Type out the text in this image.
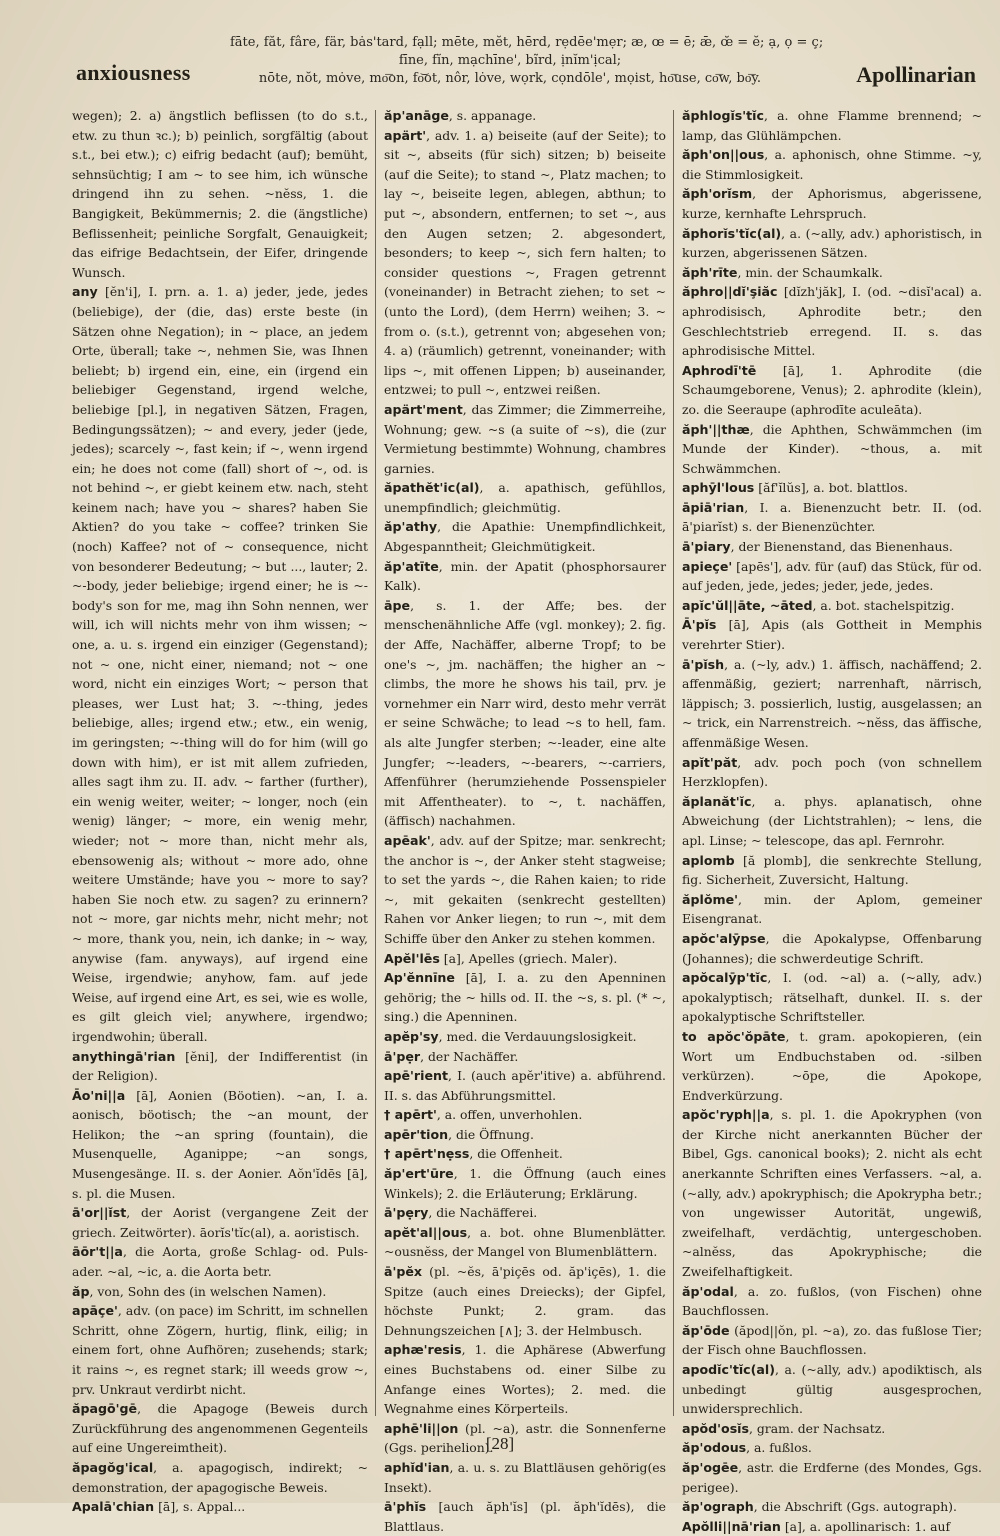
anxiousness
fāte, făt, fâre, fär, bȧs'tard, fạll; mēte, mĕt, hērd, rẹdēe'mẹr; æ, œ = ē; ǣ, œ̆ = ĕ; ạ, ọ = ç;
fīne, fĭn, mạchīne', bĩrd, ịnĭm'ịcal;
nōte, nŏt, mȯve, mo͞on, fo͝ot, nôr, lȯve, wọrk, cọndōle', mọist, ho͞use, co͞w, bo͞y.	Apollinarian

wegen); 2. a) ängstlich beflissen (to do s.t., etw. zu thun ꝛc.); b) peinlich, sorgfältig (about s.t., bei etw.); c) eifrig bedacht (auf); bemüht, sehnsüchtig; I am ~ to see him, ich wünsche dringend ihn zu sehen. ~nĕss, 1. die Bangigkeit, Bekümmernis; 2. die (ängstliche) Beflissenheit; peinliche Sorgfalt, Genauigkeit; das eifrige Bedachtsein, der Eifer, dringende Wunsch.

any [ĕn'i], I. prn. a. 1. a) jeder, jede, jedes (beliebige), der (die, das) erste beste (in Sätzen ohne Negation); in ~ place, an jedem Orte, überall; take ~, nehmen Sie, was Ihnen beliebt; b) irgend ein, eine, ein (irgend ein beliebiger Gegenstand, irgend welche, beliebige [pl.], in negativen Sätzen, Fragen, Bedingungssätzen); ~ and every, jeder (jede, jedes); scarcely ~, fast kein; if ~, wenn irgend ein; he does not come (fall) short of ~, od. is not behind ~, er giebt keinem etw. nach, steht keinem nach; have you ~ shares? haben Sie Aktien? do you take ~ coffee? trinken Sie (noch) Kaffee? not of ~ consequence, nicht von besonderer Bedeutung; ~ but ..., lauter; 2. ~-body, jeder beliebige; irgend einer; he is ~-body's son for me, mag ihn Sohn nennen, wer will, ich will nichts mehr von ihm wissen; ~ one, a. u. s. irgend ein einziger (Gegenstand); not ~ one, nicht einer, niemand; not ~ one word, nicht ein einziges Wort; ~ person that pleases, wer Lust hat; 3. ~-thing, jedes beliebige, alles; irgend etw.; etw., ein wenig, im geringsten; ~-thing will do for him (will go down with him), er ist mit allem zufrieden, alles sagt ihm zu. II. adv. ~ farther (further), ein wenig weiter, weiter; ~ longer, noch (ein wenig) länger; ~ more, ein wenig mehr, wieder; not ~ more than, nicht mehr als, ebensowenig als; without ~ more ado, ohne weitere Umstände; have you ~ more to say? haben Sie noch etw. zu sagen? zu erinnern? not ~ more, gar nichts mehr, nicht mehr; not ~ more, thank you, nein, ich danke; in ~ way, anywise (fam. anyways), auf irgend eine Weise, irgendwie; anyhow, fam. auf jede Weise, auf irgend eine Art, es sei, wie es wolle, es gilt gleich viel; anywhere, irgendwo; irgendwohin; überall.

anythingā'rian [ĕni], der Indifferentist (in der Religion).

Āo'ni||a [ā], Aonien (Böotien). ~an, I. a. aonisch, böotisch; the ~an mount, der Helikon; the ~an spring (fountain), die Musenquelle, Aganippe; ~an songs, Musengesänge. II. s. der Aonier. Aŏn'ĭdēs [ā], s. pl. die Musen.

ā'or||ĭst, der Aorist (vergangene Zeit der griech. Zeitwörter). āorĭs'tĭc(al), a. aoristisch.

āōr't||a, die Aorta, große Schlag- od. Puls-ader. ~al, ~ic, a. die Aorta betr.

ăp, von, Sohn des (in welschen Namen).

apāçe', adv. (on pace) im Schritt, im schnellen Schritt, ohne Zögern, hurtig, flink, eilig; in einem fort, ohne Aufhören; zusehends; stark; it rains ~, es regnet stark; ill weeds grow ~, prv. Unkraut verdirbt nicht.

ăpagō'gē, die Apagoge (Beweis durch Zurückführung des angenommenen Gegenteils auf eine Ungereimtheit).

ăpagŏg'ical, a. apagogisch, indirekt; ~ demonstration, der apagogische Beweis.

Apalā'chian [ā], s. Appal...

ăp'anāge, s. appanage.

apärt', adv. 1. a) beiseite (auf der Seite); to sit ~, abseits (für sich) sitzen; b) beiseite (auf die Seite); to stand ~, Platz machen; to lay ~, beiseite legen, ablegen, abthun; to put ~, absondern, entfernen; to set ~, aus den Augen setzen; 2. abgesondert, besonders; to keep ~, sich fern halten; to consider questions ~, Fragen getrennt (voneinander) in Betracht ziehen; to set ~ (unto the Lord), (dem Herrn) weihen; 3. ~ from o. (s.t.), getrennt von; abgesehen von; 4. a) (räumlich) getrennt, voneinander; with lips ~, mit offenen Lippen; b) auseinander, entzwei; to pull ~, entzwei reißen.

apärt'ment, das Zimmer; die Zimmerreihe, Wohnung; gew. ~s (a suite of ~s), die (zur Vermietung bestimmte) Wohnung, chambres garnies.

ăpathĕt'ic(al), a. apathisch, gefühllos, unempfindlich; gleichmütig.

ăp'athy, die Apathie: Unempfindlichkeit, Abgespanntheit; Gleichmütigkeit.

ăp'atīte, min. der Apatit (phosphorsaurer Kalk).

āpe, s. 1. der Affe; bes. der menschenähnliche Affe (vgl. monkey); 2. fig. der Affe, Nachäffer, alberne Tropf; to be one's ~, jm. nachäffen; the higher an ~ climbs, the more he shows his tail, prv. je vornehmer ein Narr wird, desto mehr verrät er seine Schwäche; to lead ~s to hell, fam. als alte Jungfer sterben; ~-leader, eine alte Jungfer; ~-leaders, ~-bearers, ~-carriers, Affenführer (herumziehende Possenspieler mit Affentheater). to ~, t. nachäffen, (äffisch) nachahmen.

apēak', adv. auf der Spitze; mar. senkrecht; the anchor is ~, der Anker steht stagweise; to set the yards ~, die Rahen kaien; to ride ~, mit gekaiten (senkrecht gestellten) Rahen vor Anker liegen; to run ~, mit dem Schiffe über den Anker zu stehen kommen.

Apĕl'lēs [a], Apelles (griech. Maler).

Ap'ĕnnīne [ā], I. a. zu den Apenninen gehörig; the ~ hills od. II. the ~s, s. pl. (* ~, sing.) die Apenninen.

apĕp'sy, med. die Verdauungslosigkeit.

ā'pẹr, der Nachäffer.

apē'rient, I. (auch apĕr'itive) a. abführend. II. s. das Abführungsmittel.

† apērt', a. offen, unverhohlen.

apēr'tion, die Öffnung.

† apērt'nẹss, die Offenheit.

ăp'ert'ūre, 1. die Öffnung (auch eines Winkels); 2. die Erläuterung; Erklärung.

ā'pẹry, die Nachäfferei.

apĕt'al||ous, a. bot. ohne Blumenblätter. ~ousnĕss, der Mangel von Blumenblättern.

ā'pĕx (pl. ~ĕs, ā'piçēs od. ăp'içēs), 1. die Spitze (auch eines Dreiecks); der Gipfel, höchste Punkt; 2. gram. das Dehnungszeichen [∧]; 3. der Helmbusch.

aphæ'resis, 1. die Aphäresе (Abwerfung eines Buchstabens od. einer Silbe zu Anfange eines Wortes); 2. med. die Wegnahme eines Körperteils.

aphē'li||on (pl. ~a), astr. die Sonnenferne (Ggs. perihelion).

aphĭd'ian, a. u. s. zu Blattläusen gehörig(es Insekt).

ā'phĭs [auch ăph'ĭs] (pl. ăph'ĭdēs), die Blattlaus.

ăphlogĭs'tĭc, a. ohne Flamme brennend; ~ lamp, das Glühlämpchen.

ăph'on||ous, a. aphonisch, ohne Stimme. ~y, die Stimmlosigkeit.

ăph'orĭsm, der Aphorismus, abgerissene, kurze, kernhafte Lehrspruch.

ăphorĭs'tĭc(al), a. (~ally, adv.) aphoristisch, in kurzen, abgerissenen Sätzen.

ăph'rīte, min. der Schaumkalk.

ăphro||dĭ'şiăc [dĭzh'jăk], I. (od. ~disĭ'acal) a. aphrodisisch, Aphrodite betr.; den Geschlechtstrieb erregend. II. s. das aphrodisische Mittel.

Aphrodī'tē [ā], 1. Aphrodite (die Schaumgeborene, Venus); 2. aphrodite (klein), zo. die Seeraupe (aphrodīte aculeāta).

ăph'||thæ, die Aphthen, Schwämmchen (im Munde der Kinder). ~thous, a. mit Schwämmchen.

aphȳl'lous [ăf'ĭlŭs], a. bot. blattlos.

āpiā'rian, I. a. Bienenzucht betr. II. (od. ā'piarĭst) s. der Bienenzüchter.

ā'piary, der Bienenstand, das Bienenhaus.

apieçe' [apēs'], adv. für (auf) das Stück, für od. auf jeden, jede, jedes; jeder, jede, jedes.

apĭc'ŭl||āte, ~āted, a. bot. stachelspitzig.

Ā'pĭs [ā], Apis (als Gottheit in Memphis verehrter Stier).

ā'pĭsh, a. (~ly, adv.) 1. äffisch, nachäffend; 2. affenmäßig, geziert; narrenhaft, närrisch, läppisch; 3. possierlich, lustig, ausgelassen; an ~ trick, ein Narrenstreich. ~nĕss, das äffische, affenmäßige Wesen.

apĭt'păt, adv. poch poch (von schnellem Herzklopfen).

ăplanăt'ĭc, a. phys. aplanatisch, ohne Abweichung (der Lichtstrahlen); ~ lens, die apl. Linse; ~ telescope, das apl. Fernrohr.

aplomb [ă plomb], die senkrechte Stellung, fig. Sicherheit, Zuversicht, Haltung.

ăplŏme', min. der Aplom, gemeiner Eisengranat.

apŏc'alȳpse, die Apokalypse, Offenbarung (Johannes); die schwerdeutige Schrift.

apŏcalȳp'tĭc, I. (od. ~al) a. (~ally, adv.) apokalyptisch; rätselhaft, dunkel. II. s. der apokalyptische Schriftsteller.

to apŏc'ŏpāte, t. gram. apokopieren, (ein Wort um Endbuchstaben od. -silben verkürzen). ~ōpe, die Apokope, Endverkürzung.

apŏc'ryph||a, s. pl. 1. die Apokryphen (von der Kirche nicht anerkannten Bücher der Bibel, Ggs. canonical books); 2. nicht als echt anerkannte Schriften eines Verfassers. ~al, a. (~ally, adv.) apokryphisch; die Apokrypha betr.; von ungewisser Autorität, ungewiß, zweifelhaft, verdächtig, untergeschoben. ~alnĕss, das Apokryphische; die Zweifelhaftigkeit.

ăp'odal, a. zo. fußlos, (von Fischen) ohne Bauchflossen.

ăp'ōde (ăpod||ŏn, pl. ~a), zo. das fußlose Tier; der Fisch ohne Bauchflossen.

apodĭc'tĭc(al), a. (~ally, adv.) apodiktisch, als unbedingt gültig ausgesprochen, unwidersprechlich.

apŏd'osĭs, gram. der Nachsatz.

ăp'odous, a. fußlos.

ăp'ogēe, astr. die Erdferne (des Mondes, Ggs. perigee).

ăp'ograph, die Abschrift (Ggs. autograph).

Apŏlli||nā'rian [a], a. apollinarisch: 1. auf

[28]
